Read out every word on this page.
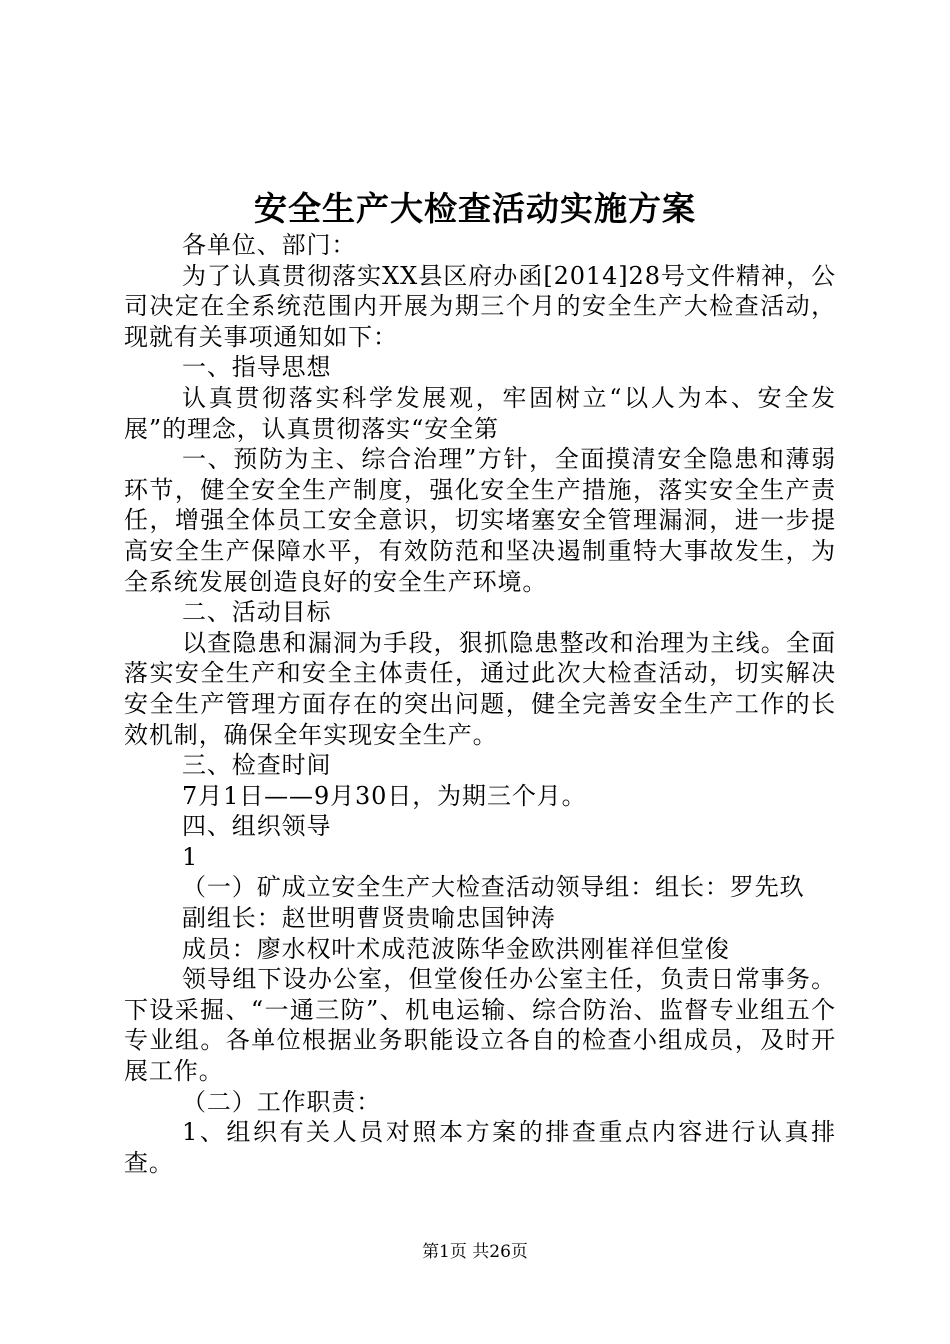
安全生产大检查活动实施方案

各单位、部门：

为了认真贯彻落实XX县区府办函[2014]28号文件精神，公司决定在全系统范围内开展为期三个月的安全生产大检查活动，现就有关事项通知如下：

一、指导思想

认真贯彻落实科学发展观，牢固树立“以人为本、安全发展”的理念，认真贯彻落实“安全第

一、预防为主、综合治理”方针，全面摸清安全隐患和薄弱环节，健全安全生产制度，强化安全生产措施，落实安全生产责任，增强全体员工安全意识，切实堵塞安全管理漏洞，进一步提高安全生产保障水平，有效防范和坚决遏制重特大事故发生，为全系统发展创造良好的安全生产环境。

二、活动目标

以查隐患和漏洞为手段，狠抓隐患整改和治理为主线。全面落实安全生产和安全主体责任，通过此次大检查活动，切实解决安全生产管理方面存在的突出问题，健全完善安全生产工作的长效机制，确保全年实现安全生产。

三、检查时间

7月1日——9月30日，为期三个月。

四、组织领导

1

（一）矿成立安全生产大检查活动领导组：组长：罗先玖

副组长：赵世明曹贤贵喻忠国钟涛

成员：廖水权叶术成范波陈华金欧洪刚崔祥但堂俊

领导组下设办公室，但堂俊任办公室主任，负责日常事务。下设采掘、“一通三防”、机电运输、综合防治、监督专业组五个专业组。各单位根据业务职能设立各自的检查小组成员，及时开展工作。

（二）工作职责：

1、组织有关人员对照本方案的排查重点内容进行认真排查。

第1页 共26页
